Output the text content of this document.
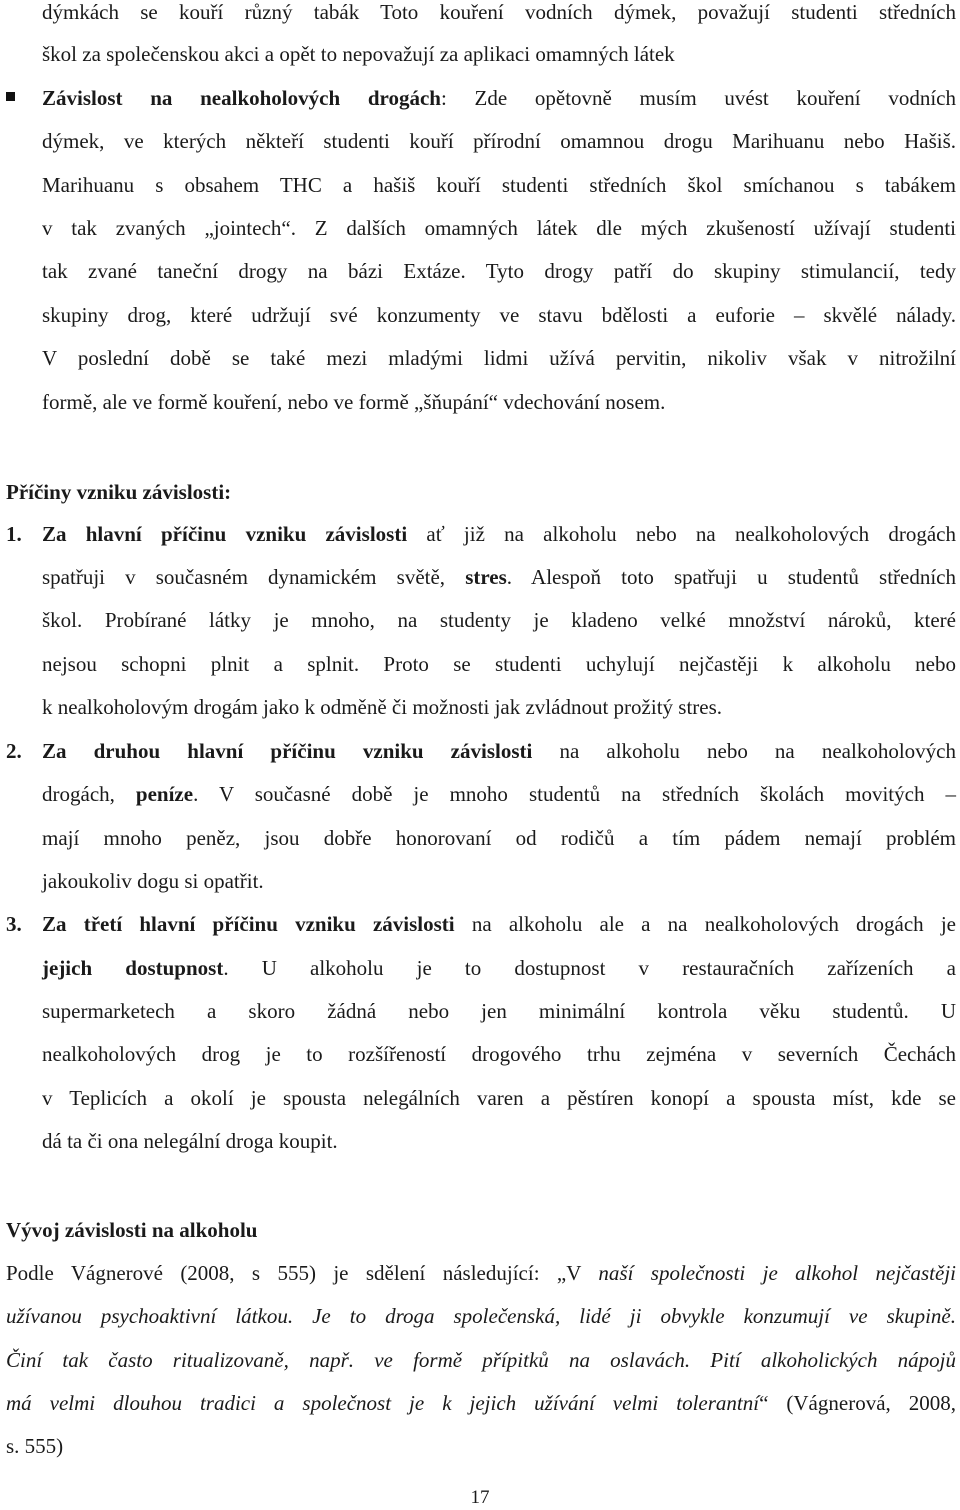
dýmkách se kouří různý tabák Toto kouření vodních dýmek, považují studenti středních
škol za společenskou akci a opět to nepovažují za aplikaci omamných látek
Závislost na nealkoholových drogách: Zde opětovně musím uvést kouření vodních
dýmek, ve kterých někteří studenti kouří přírodní omamnou drogu Marihuanu nebo Hašiš.
Marihuanu s obsahem THC a hašiš kouří studenti středních škol smíchanou s tabákem
v tak zvaných „jointech“. Z dalších omamných látek dle mých zkušeností užívají studenti
tak zvané taneční drogy na bázi Extáze. Tyto drogy patří do skupiny stimulancií, tedy
skupiny drog, které udržují své konzumenty ve stavu bdělosti a euforie – skvělé nálady.
V poslední době se také mezi mladými lidmi užívá pervitin, nikoliv však v nitrožilní
formě, ale ve formě kouření, nebo ve formě „šňupání“ vdechování nosem.
Příčiny vzniku závislosti:
1. Za hlavní příčinu vzniku závislosti ať již na alkoholu nebo na nealkoholových drogách
spatřuji v současném dynamickém světě, stres. Alespoň toto spatřuji u studentů středních
škol. Probírané látky je mnoho, na studenty je kladeno velké množství nároků, které
nejsou schopni plnit a splnit. Proto se studenti uchylují nejčastěji k alkoholu nebo
k nealkoholovým drogám jako k odměně či možnosti jak zvládnout prožitý stres.
2. Za druhou hlavní příčinu vzniku závislosti na alkoholu nebo na nealkoholových
drogách, peníze. V současné době je mnoho studentů na středních školách movitých –
mají mnoho peněz, jsou dobře honorovaní od rodičů a tím pádem nemají problém
jakoukoliv dogu si opatřit.
3. Za třetí hlavní příčinu vzniku závislosti na alkoholu ale a na nealkoholových drogách je
jejich dostupnost. U alkoholu je to dostupnost v restauračních zařízeních a
supermarketech a skoro žádná nebo jen minimální kontrola věku studentů. U
nealkoholových drog je to rozšířeností drogového trhu zejména v severních Čechách
v Teplicích a okolí je spousta nelegálních varen a pěstíren konopí a spousta míst, kde se
dá ta či ona nelegální droga koupit.
Vývoj závislosti na alkoholu
Podle Vágnerové (2008, s 555) je sdělení následující: „V naší společnosti je alkohol nejčastěji
užívanou psychoaktivní látkou. Je to droga společenská, lidé ji obvykle konzumují ve skupině.
Činí tak často ritualizovaně, např. ve formě přípitků na oslavách. Pití alkoholických nápojů
má velmi dlouhou tradici a společnost je k jejich užívání velmi tolerantní“ (Vágnerová, 2008,
s. 555)
17
